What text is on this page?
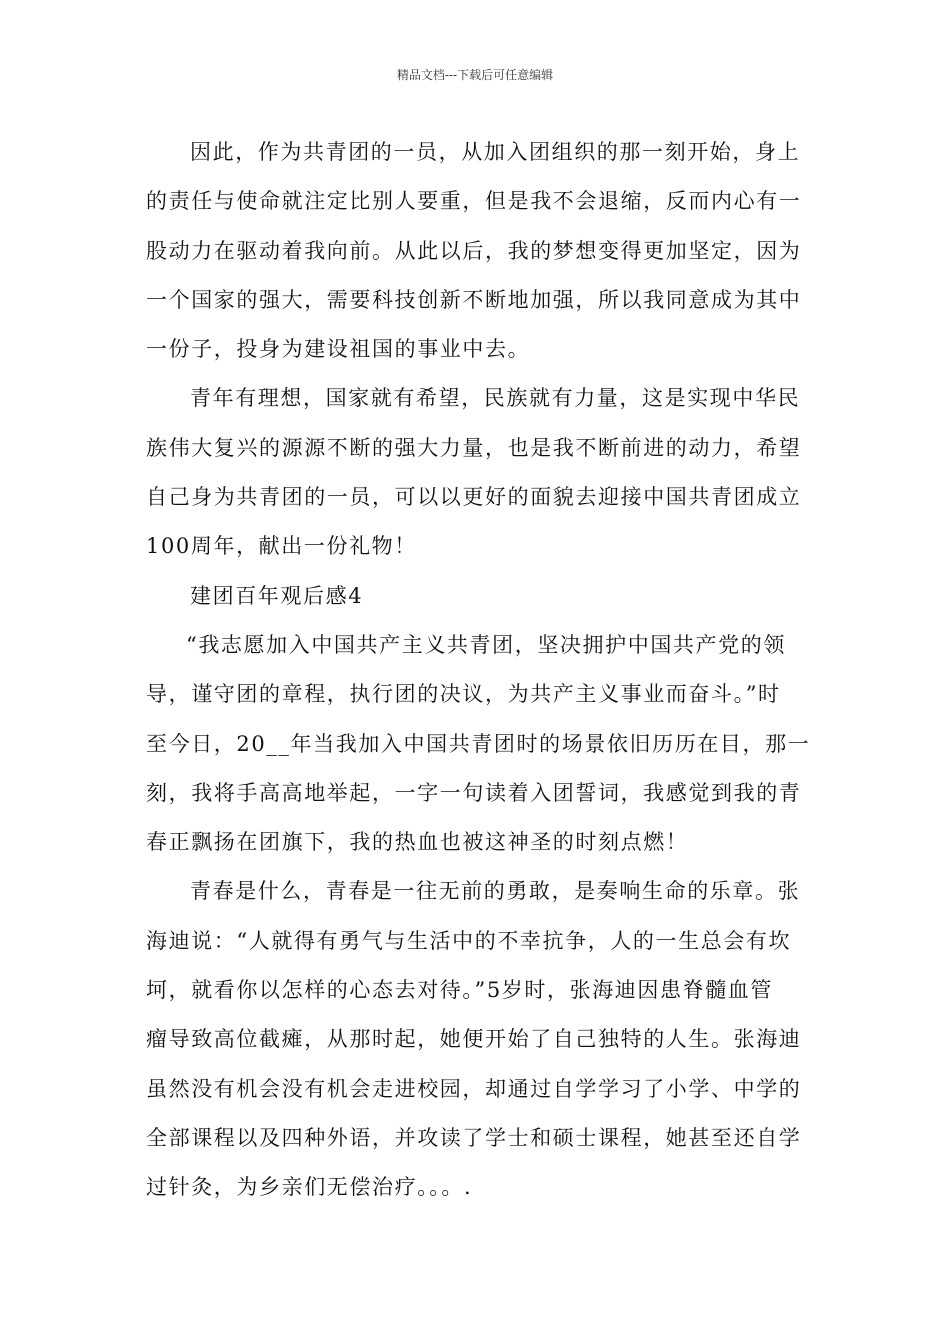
精品文档---下载后可任意编辑
因此，作为共青团的一员，从加入团组织的那一刻开始，身上
的责任与使命就注定比别人要重，但是我不会退缩，反而内心有一
股动力在驱动着我向前。从此以后，我的梦想变得更加坚定，因为
一个国家的强大，需要科技创新不断地加强，所以我同意成为其中
一份子，投身为建设祖国的事业中去。
青年有理想，国家就有希望，民族就有力量，这是实现中华民
族伟大复兴的源源不断的强大力量，也是我不断前进的动力，希望
自己身为共青团的一员，可以以更好的面貌去迎接中国共青团成立
100周年，献出一份礼物！
建团百年观后感4
“我志愿加入中国共产主义共青团，坚决拥护中国共产党的领
导，谨守团的章程，执行团的决议，为共产主义事业而奋斗。”时
至今日，20__年当我加入中国共青团时的场景依旧历历在目，那一
刻，我将手高高地举起，一字一句读着入团誓词，我感觉到我的青
春正飘扬在团旗下，我的热血也被这神圣的时刻点燃！
青春是什么，青春是一往无前的勇敢，是奏响生命的乐章。张
海迪说：“人就得有勇气与生活中的不幸抗争，人的一生总会有坎
坷，就看你以怎样的心态去对待。”5岁时，张海迪因患脊髓血管
瘤导致高位截瘫，从那时起，她便开始了自己独特的人生。张海迪
虽然没有机会没有机会走进校园，却通过自学学习了小学、中学的
全部课程以及四种外语，并攻读了学士和硕士课程，她甚至还自学
过针灸，为乡亲们无偿治疗。。。.
